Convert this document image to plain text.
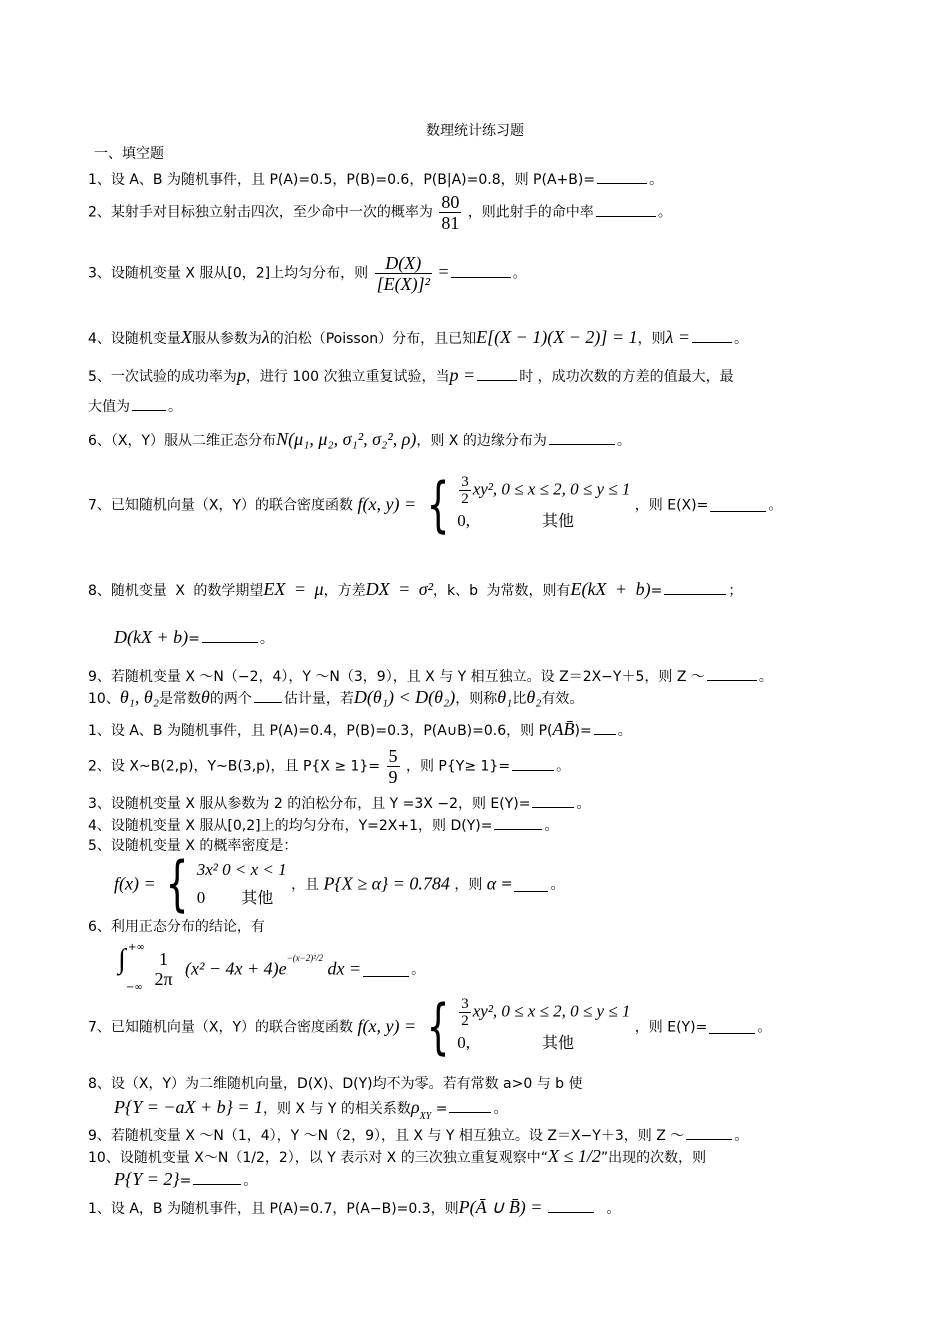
数理统计练习题
一、填空题
1、设 A、B 为随机事件，且 P(A)=0.5，P(B)=0.6，P(B|A)=0.8，则 P(A+B)=	。
2、某射手对目标独立射击四次，至少命中一次的概率为 $\frac{80}{81}$ ，则此射手的命中率	。
3、设随机变量 X 服从[0，2]上均匀分布，则 $\frac{D(X)}{\text{[E(X)]²}}$ =	。
4、设随机变量X服从参数为λ的泊松（Poisson）分布，且已知E[(X − 1)(X − 2)] = 1，则λ =	。
5、一次试验的成功率为p，进行 100 次独立重复试验，当p =	时 ，成功次数的方差的值最大，最
大值为	。
6、（X，Y）服从二维正态分布N(μ₁, μ₂, σ₁², σ₂², ρ)，则 X 的边缘分布为	。
7、已知随机向量（X，Y）的联合密度函数 f(x, y) = { $\frac{3}{2} xy^2$, 0 ≤ x ≤ 2, 0 ≤ y ≤ 1
0,	其他
，则 E(X)=	。
8、随机变量 X 的数学期望EX = μ，方差DX = σ²，k、b 为常数，则有E(kX + b)=	；
D(kX + b)=	。
9、若随机变量 X ～N（−2，4），Y ～N（3，9），且 X 与 Y 相互独立。设 Z＝2X−Y＋5，则 Z ～	。
10、θ₁, θ₂是常数θ的两个 估计量，若D(θ₁) < D(θ₂)，则称θ₁比θ₂有效。
1、设 A、B 为随机事件，且 P(A)=0.4，P(B)=0.3，P(A∪B)=0.6，则 P(AB̄)= 。
2、设 X~B(2,p)，Y~B(3,p)，且 $P\{X \ge 1\}= \frac{5}{9}$ ，则 P{Y≥ 1}=	。
3、设随机变量 X 服从参数为 2 的泊松分布，且 Y =3X −2，则 E(Y)=	。
4、设随机变量 X 服从[0,2]上的均匀分布，Y=2X+1，则 D(Y)=	。
5、设随机变量 X 的概率密度是：
f(x) = { 3x² 0 < x < 1
0 其他
，且 P{X ≥ α} = 0.784 ，则 α =	。
6、利用正态分布的结论，有
∫ +∞
−∞

1
2π
$(x^2 - 4x + 4)e^{-(x-2)^2/2}$ dx =	。
7、已知随机向量（X，Y）的联合密度函数 f(x, y) = { $\frac{3}{2} xy^2$, 0 ≤ x ≤ 2, 0 ≤ y ≤ 1
0,	其他
，则 E(Y)=	。
8、设（X，Y）为二维随机向量，D(X)、D(Y)均不为零。若有常数 a>0 与 b 使
P{Y = −aX + b} = 1，则 X 与 Y 的相关系数$\rho_{XY}$ =	。
9、若随机变量 X ～N（1，4），Y ～N（2，9），且 X 与 Y 相互独立。设 Z＝X−Y＋3，则 Z ～	。
10、设随机变量 X～N（1/2，2），以 Y 表示对 X 的三次独立重复观察中“X ≤ 1/2”出现的次数，则
P{Y = 2}=	。
1、设 A，B 为随机事件，且 P(A)=0.7，P(A−B)=0.3，则P(Ā ∪ B̄) =	。
